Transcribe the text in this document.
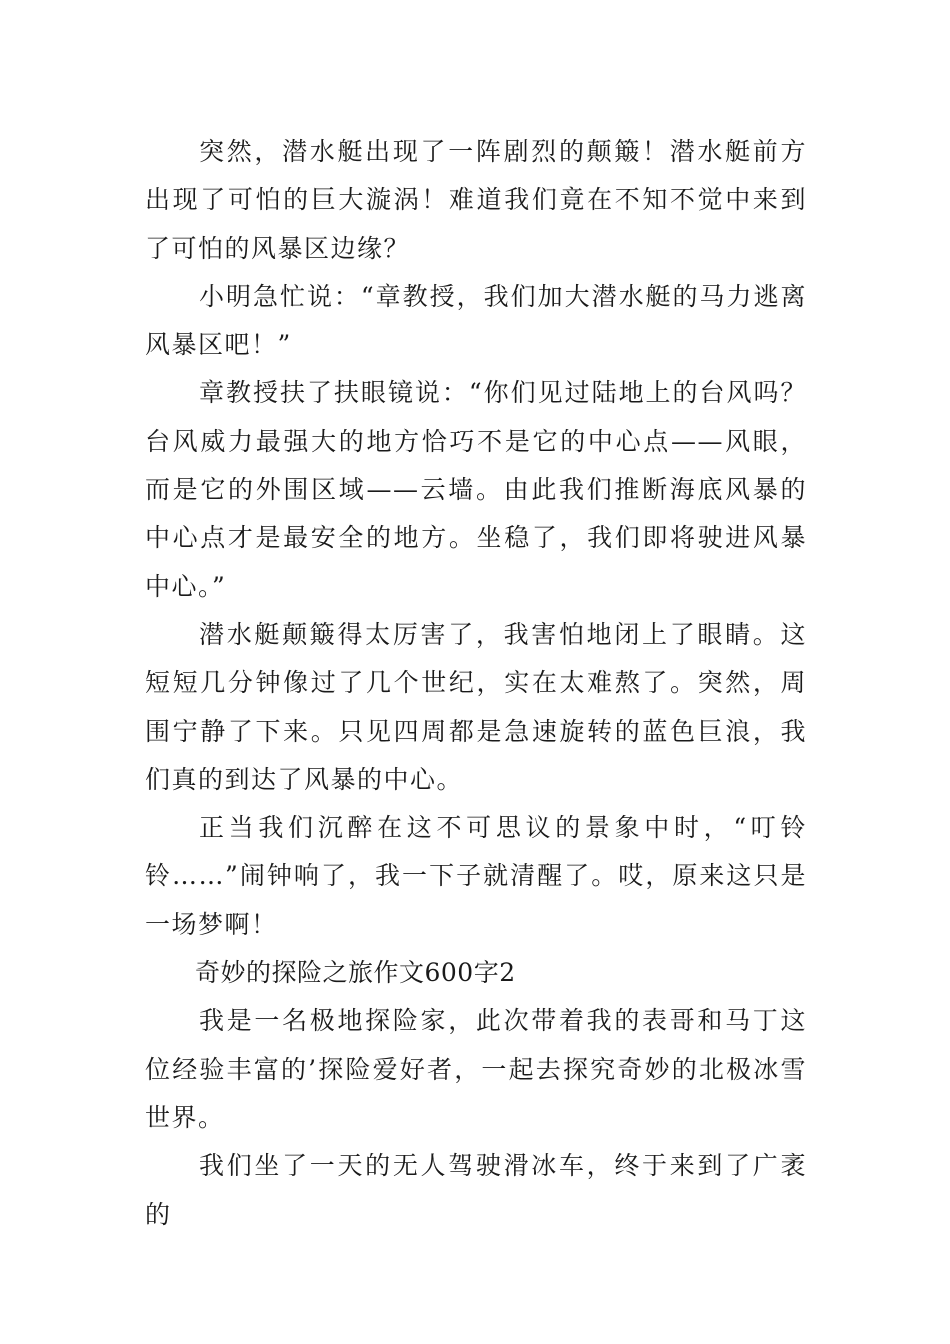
突然，潜水艇出现了一阵剧烈的颠簸！潜水艇前方出现了可怕的巨大漩涡！难道我们竟在不知不觉中来到了可怕的风暴区边缘？

小明急忙说：“章教授，我们加大潜水艇的马力逃离风暴区吧！”

章教授扶了扶眼镜说：“你们见过陆地上的台风吗？台风威力最强大的地方恰巧不是它的中心点——风眼，而是它的外围区域——云墙。由此我们推断海底风暴的中心点才是最安全的地方。坐稳了，我们即将驶进风暴中心。”

潜水艇颠簸得太厉害了，我害怕地闭上了眼睛。这短短几分钟像过了几个世纪，实在太难熬了。突然，周围宁静了下来。只见四周都是急速旋转的蓝色巨浪，我们真的到达了风暴的中心。

正当我们沉醉在这不可思议的景象中时，“叮铃铃……”闹钟响了，我一下子就清醒了。哎，原来这只是一场梦啊！

奇妙的探险之旅作文600字2

我是一名极地探险家，此次带着我的表哥和马丁这位经验丰富的’探险爱好者，一起去探究奇妙的北极冰雪世界。

我们坐了一天的无人驾驶滑冰车，终于来到了广袤的
